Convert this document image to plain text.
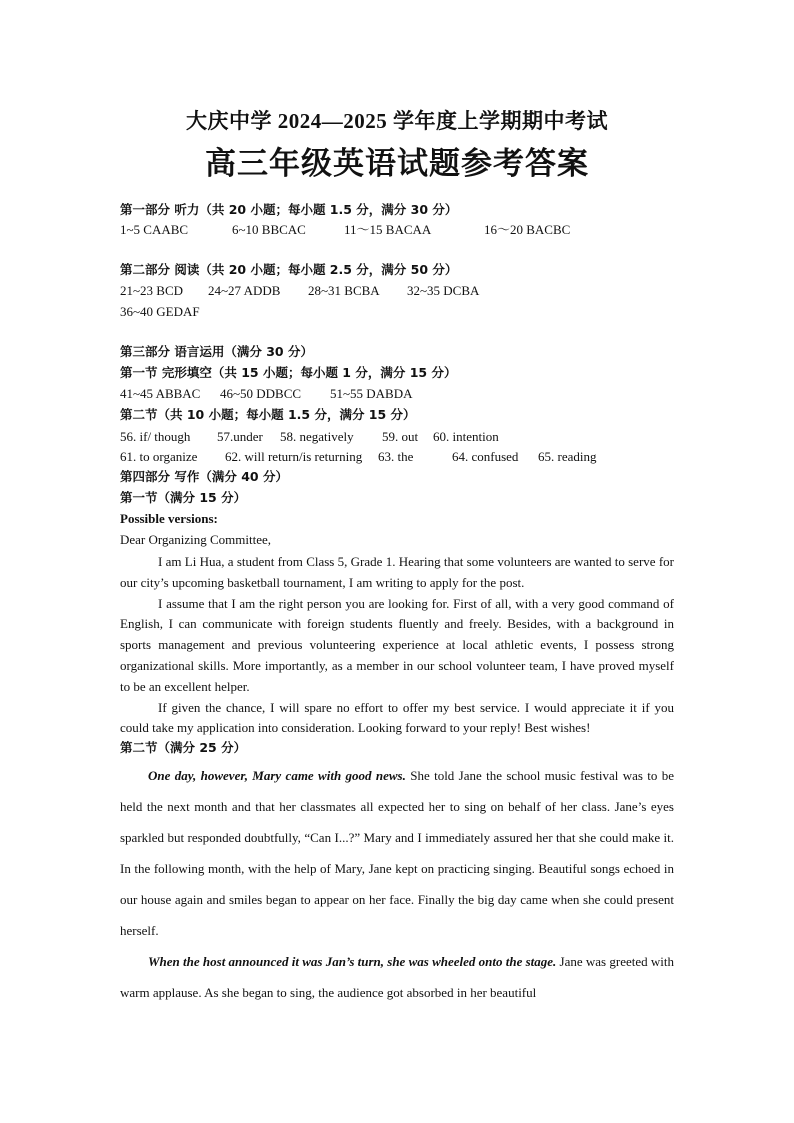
大庆中学 2024—2025 学年度上学期期中考试
高三年级英语试题参考答案
第一部分 听力（共 20 小题；每小题 1.5 分，满分 30 分）
1~5 CAABC	6~10 BBCAC	11～15 BACAA	16～20 BACBC
第二部分 阅读（共 20 小题；每小题 2.5 分，满分 50 分）
21~23 BCD 24~27 ADDB 28~31 BCBA 32~35 DCBA
36~40 GEDAF
第三部分 语言运用（满分 30 分）
第一节 完形填空（共 15 小题；每小题 1 分，满分 15 分）
41~45 ABBAC 46~50 DDBCC 51~55 DABDA
第二节（共 10 小题；每小题 1.5 分，满分 15 分）
56. if/ though 57.under 58. negatively 59. out 60. intention
61. to organize 62. will return/is returning 63. the	64. confused 65. reading
第四部分 写作（满分 40 分）
第一节（满分 15 分）
Possible versions:
Dear Organizing Committee,

I am Li Hua, a student from Class 5, Grade 1. Hearing that some volunteers are wanted to serve for our city’s upcoming basketball tournament, I am writing to apply for the post.

I assume that I am the right person you are looking for. First of all, with a very good command of English, I can communicate with foreign students fluently and freely. Besides, with a background in sports management and previous volunteering experience at local athletic events, I possess strong organizational skills. More importantly, as a member in our school volunteer team, I have proved myself to be an excellent helper.

If given the chance, I will spare no effort to offer my best service. I would appreciate it if you could take my application into consideration. Looking forward to your reply! Best wishes!

第二节（满分 25 分）
One day, however, Mary came with good news. She told Jane the school music festival was to be held the next month and that her classmates all expected her to sing on behalf of her class. Jane’s eyes sparkled but responded doubtfully, “Can I...?” Mary and I immediately assured her that she could make it. In the following month, with the help of Mary, Jane kept on practicing singing. Beautiful songs echoed in our house again and smiles began to appear on her face. Finally the big day came when she could present herself.
When the host announced it was Jan’s turn, she was wheeled onto the stage. Jane was greeted with warm applause. As she began to sing, the audience got absorbed in her beautiful
